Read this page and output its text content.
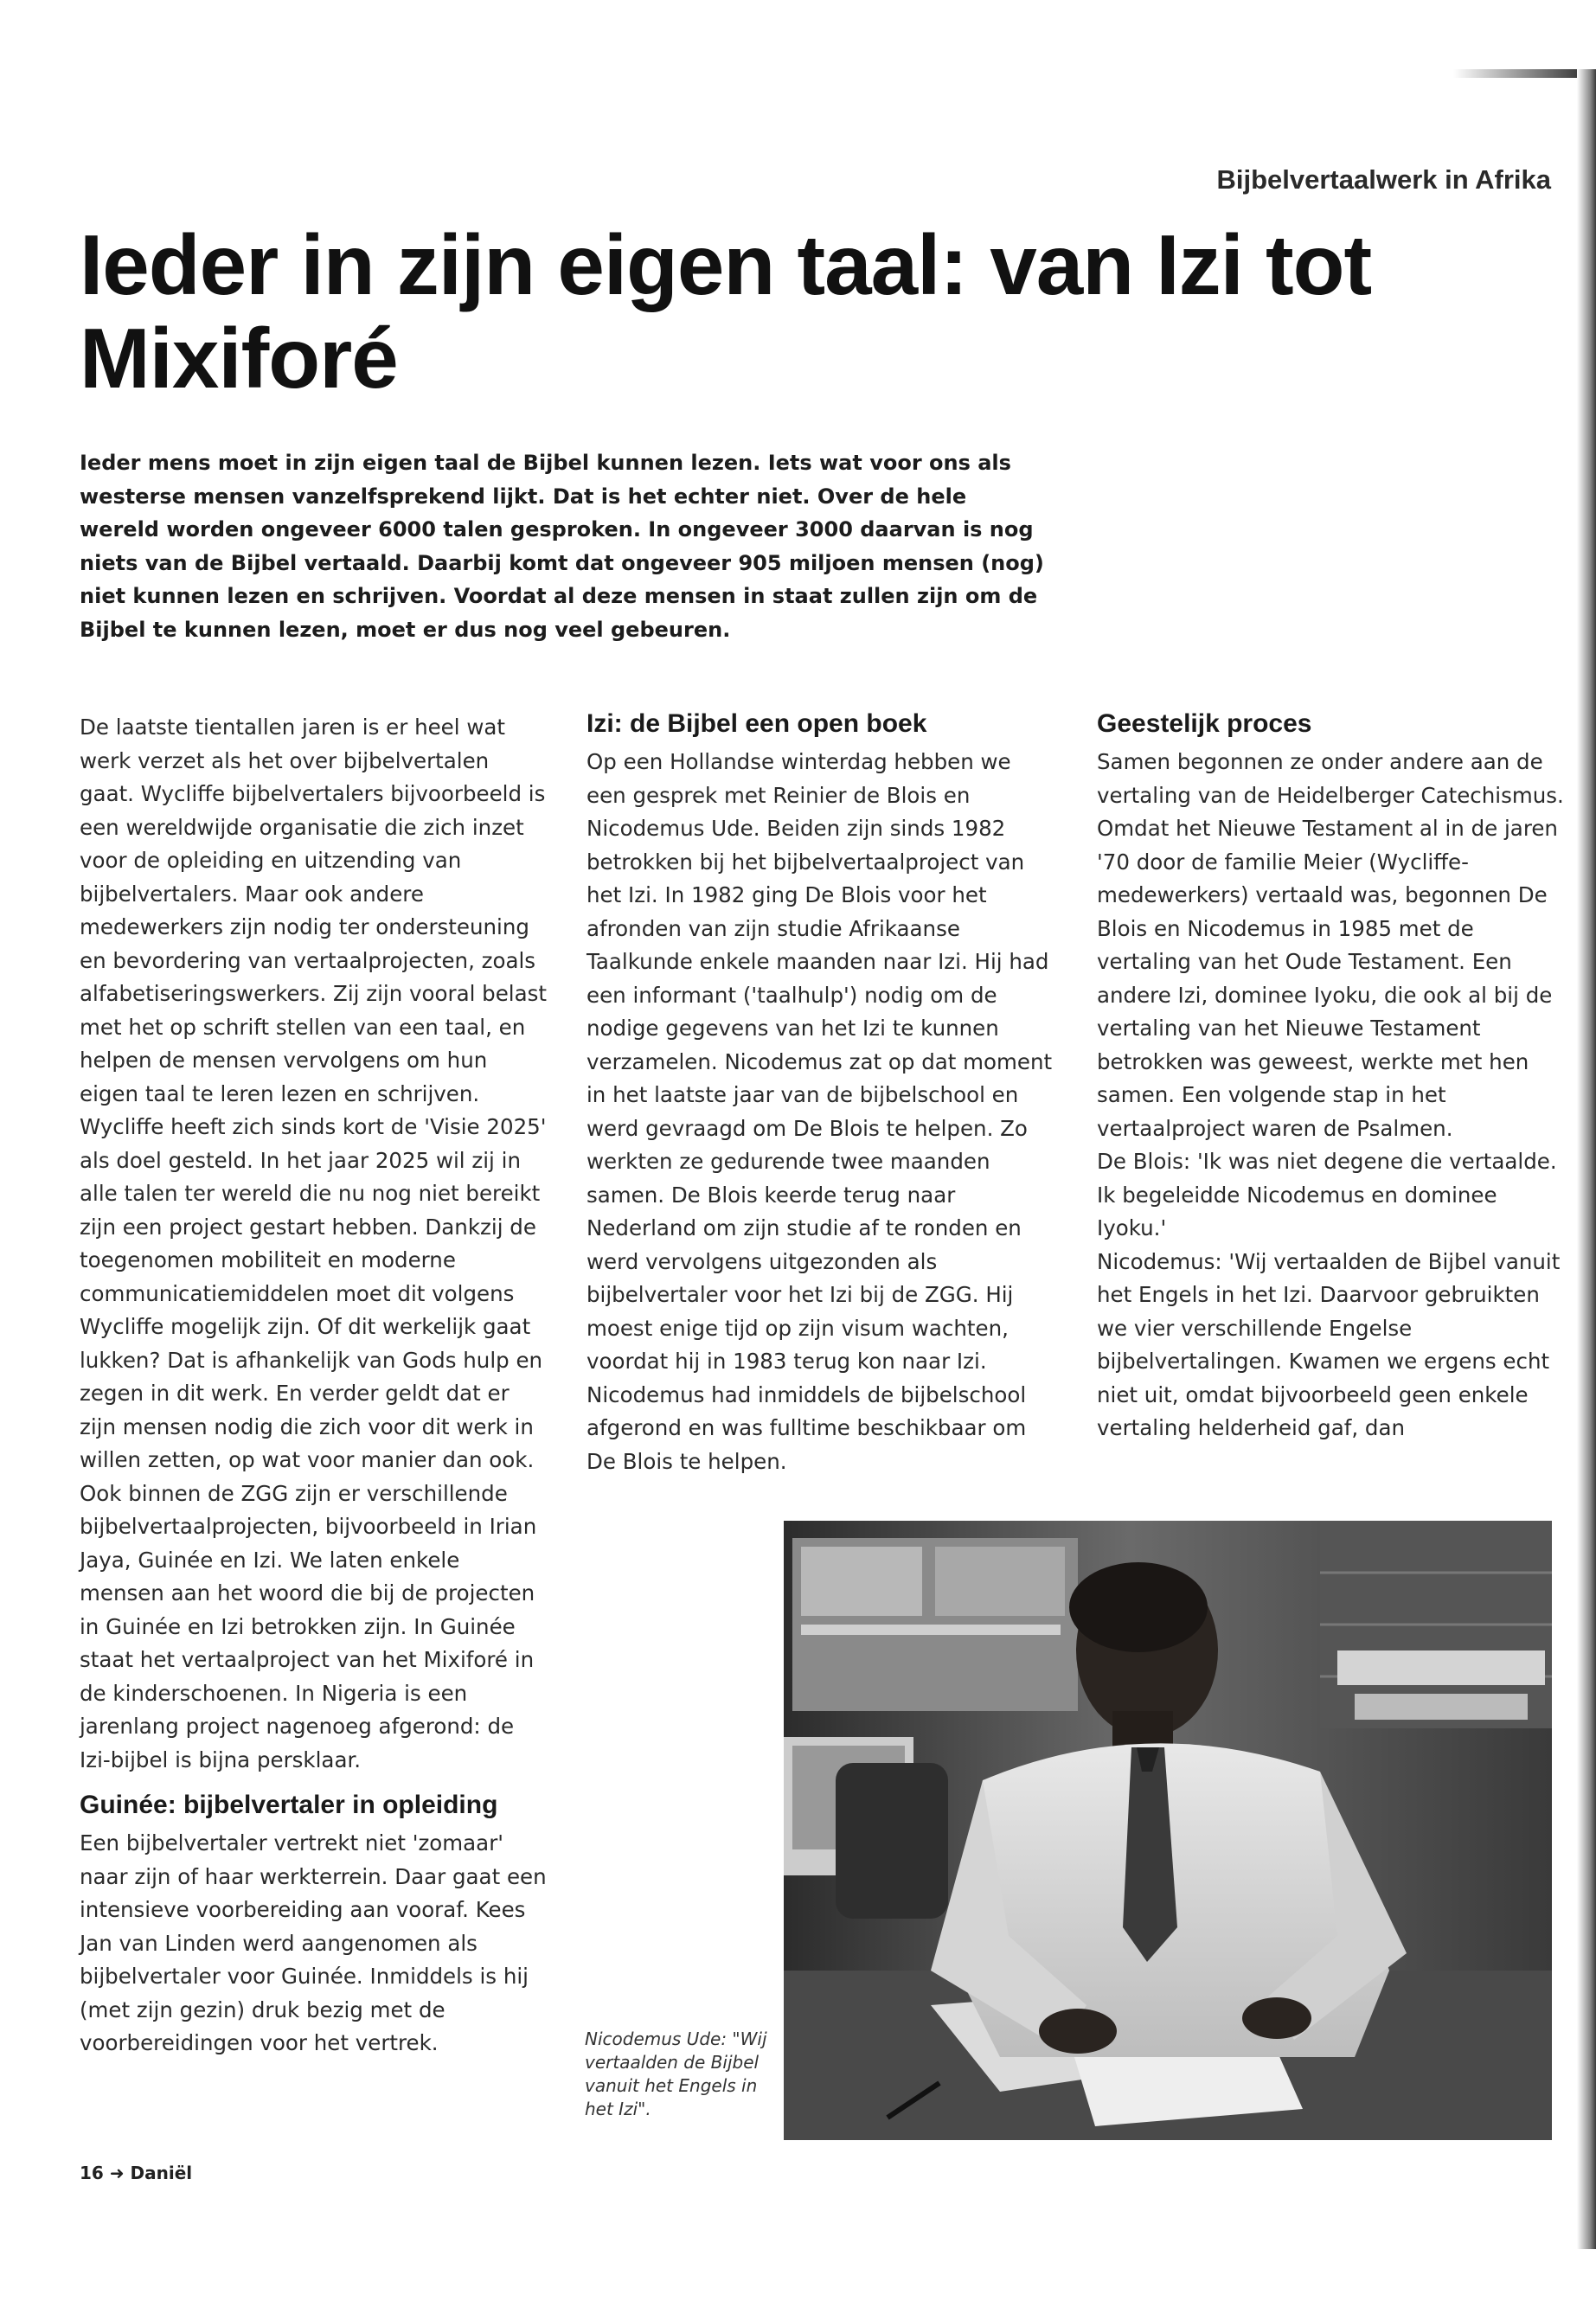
Bijbelvertaalwerk in Afrika
Ieder in zijn eigen taal: van Izi tot Mixiforé

Ieder mens moet in zijn eigen taal de Bijbel kunnen lezen. Iets wat voor ons als westerse mensen vanzelfsprekend lijkt. Dat is het echter niet. Over de hele wereld worden ongeveer 6000 talen gesproken. In ongeveer 3000 daarvan is nog niets van de Bijbel vertaald. Daarbij komt dat ongeveer 905 miljoen mensen (nog) niet kunnen lezen en schrijven. Voordat al deze mensen in staat zullen zijn om de Bijbel te kunnen lezen, moet er dus nog veel gebeuren.

De laatste tientallen jaren is er heel wat werk verzet als het over bijbelvertalen gaat. Wycliffe bijbelvertalers bijvoorbeeld is een wereldwijde organisatie die zich inzet voor de opleiding en uitzending van bijbelvertalers. Maar ook andere medewerkers zijn nodig ter ondersteuning en bevordering van vertaalprojecten, zoals alfabetiseringswerkers. Zij zijn vooral belast met het op schrift stellen van een taal, en helpen de mensen vervolgens om hun eigen taal te leren lezen en schrijven.

Wycliffe heeft zich sinds kort de 'Visie 2025' als doel gesteld. In het jaar 2025 wil zij in alle talen ter wereld die nu nog niet bereikt zijn een project gestart hebben. Dankzij de toegenomen mobiliteit en moderne communicatiemiddelen moet dit volgens Wycliffe mogelijk zijn. Of dit werkelijk gaat lukken? Dat is afhankelijk van Gods hulp en zegen in dit werk. En verder geldt dat er zijn mensen nodig die zich voor dit werk in willen zetten, op wat voor manier dan ook.

Ook binnen de ZGG zijn er verschillende bijbelvertaalprojecten, bijvoorbeeld in Irian Jaya, Guinée en Izi. We laten enkele mensen aan het woord die bij de projecten in Guinée en Izi betrokken zijn. In Guinée staat het vertaalproject van het Mixiforé in de kinderschoenen. In Nigeria is een jarenlang project nagenoeg afgerond: de Izi-bijbel is bijna persklaar.

Guinée: bijbelvertaler in opleiding

Een bijbelvertaler vertrekt niet 'zomaar' naar zijn of haar werkterrein. Daar gaat een intensieve voorbereiding aan vooraf. Kees Jan van Linden werd aangenomen als bijbelvertaler voor Guinée. Inmiddels is hij (met zijn gezin) druk bezig met de voorbereidingen voor het vertrek.

Izi: de Bijbel een open boek

Op een Hollandse winterdag hebben we een gesprek met Reinier de Blois en Nicodemus Ude. Beiden zijn sinds 1982 betrokken bij het bijbelvertaalproject van het Izi. In 1982 ging De Blois voor het afronden van zijn studie Afrikaanse Taalkunde enkele maanden naar Izi. Hij had een informant ('taalhulp') nodig om de nodige gegevens van het Izi te kunnen verzamelen. Nicodemus zat op dat moment in het laatste jaar van de bijbelschool en werd gevraagd om De Blois te helpen. Zo werkten ze gedurende twee maanden samen. De Blois keerde terug naar Nederland om zijn studie af te ronden en werd vervolgens uitgezonden als bijbelvertaler voor het Izi bij de ZGG. Hij moest enige tijd op zijn visum wachten, voordat hij in 1983 terug kon naar Izi. Nicodemus had inmiddels de bijbelschool afgerond en was fulltime beschikbaar om De Blois te helpen.

Geestelijk proces

Samen begonnen ze onder andere aan de vertaling van de Heidelberger Catechismus. Omdat het Nieuwe Testament al in de jaren '70 door de familie Meier (Wycliffe-medewerkers) vertaald was, begonnen De Blois en Nicodemus in 1985 met de vertaling van het Oude Testament. Een andere Izi, dominee Iyoku, die ook al bij de vertaling van het Nieuwe Testament betrokken was geweest, werkte met hen samen. Een volgende stap in het vertaalproject waren de Psalmen.

De Blois: 'Ik was niet degene die vertaalde. Ik begeleidde Nicodemus en dominee Iyoku.'

Nicodemus: 'Wij vertaalden de Bijbel vanuit het Engels in het Izi. Daarvoor gebruikten we vier verschillende Engelse bijbelvertalingen. Kwamen we ergens echt niet uit, omdat bijvoorbeeld geen enkele vertaling helderheid gaf, dan

Nicodemus Ude: "Wij vertaalden de Bijbel vanuit het Engels in het Izi".

16 ➜ Daniël
